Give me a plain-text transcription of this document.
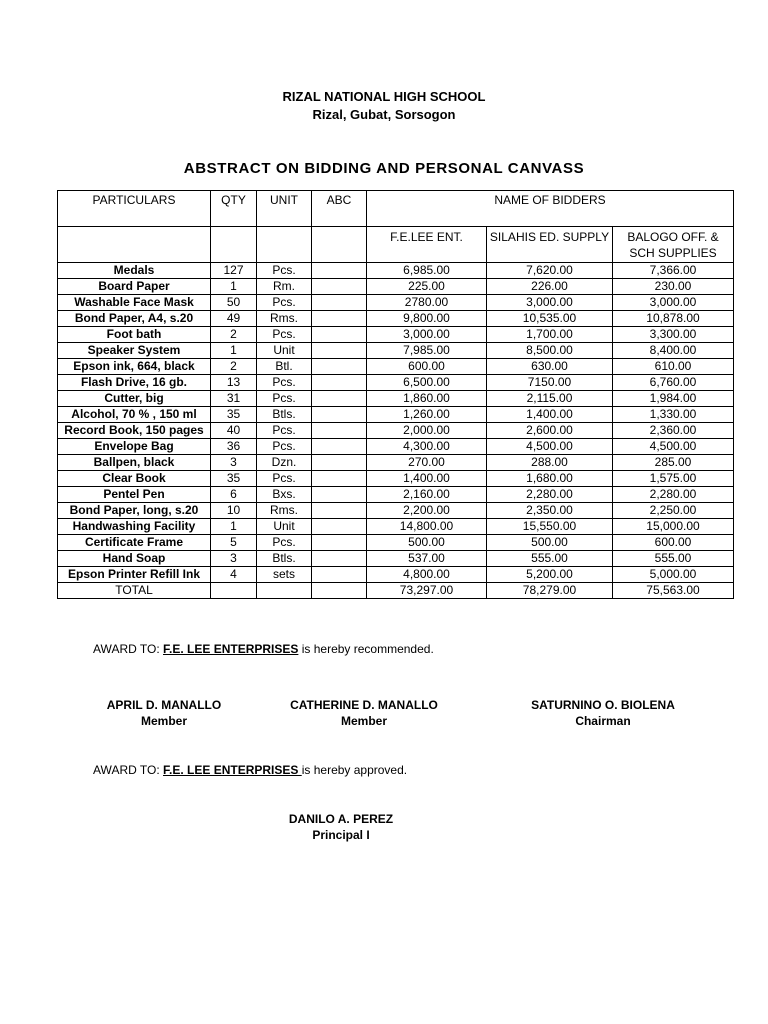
RIZAL NATIONAL HIGH SCHOOL
Rizal, Gubat, Sorsogon
ABSTRACT ON BIDDING AND PERSONAL CANVASS
PARTICULARS	QTY	UNIT	ABC	NAME OF BIDDERS		
				F.E.LEE ENT.	SILAHIS ED. SUPPLY	BALOGO OFF. & SCH SUPPLIES
Medals	127	Pcs.		6,985.00	7,620.00	7,366.00
Board Paper	1	Rm.		225.00	226.00	230.00
Washable Face Mask	50	Pcs.		2780.00	3,000.00	3,000.00
Bond Paper, A4, s.20	49	Rms.		9,800.00	10,535.00	10,878.00
Foot bath	2	Pcs.		3,000.00	1,700.00	3,300.00
Speaker System	1	Unit		7,985.00	8,500.00	8,400.00
Epson ink, 664, black	2	Btl.		600.00	630.00	610.00
Flash Drive, 16 gb.	13	Pcs.		6,500.00	7150.00	6,760.00
Cutter, big	31	Pcs.		1,860.00	2,115.00	1,984.00
Alcohol, 70 % , 150 ml	35	Btls.		1,260.00	1,400.00	1,330.00
Record Book, 150 pages	40	Pcs.		2,000.00	2,600.00	2,360.00
Envelope Bag	36	Pcs.		4,300.00	4,500.00	4,500.00
Ballpen, black	3	Dzn.		270.00	288.00	285.00
Clear Book	35	Pcs.		1,400.00	1,680.00	1,575.00
Pentel Pen	6	Bxs.		2,160.00	2,280.00	2,280.00
Bond Paper, long, s.20	10	Rms.		2,200.00	2,350.00	2,250.00
Handwashing Facility	1	Unit		14,800.00	15,550.00	15,000.00
Certificate Frame	5	Pcs.		500.00	500.00	600.00
Hand Soap	3	Btls.		537.00	555.00	555.00
Epson Printer Refill Ink	4	sets		4,800.00	5,200.00	5,000.00
TOTAL				73,297.00	78,279.00	75,563.00
AWARD TO: F.E. LEE ENTERPRISES is hereby recommended.
APRIL D. MANALLO
Member
CATHERINE D. MANALLO
Member
SATURNINO O. BIOLENA
Chairman
AWARD TO: F.E. LEE ENTERPRISES is hereby approved.
DANILO A. PEREZ
Principal I
